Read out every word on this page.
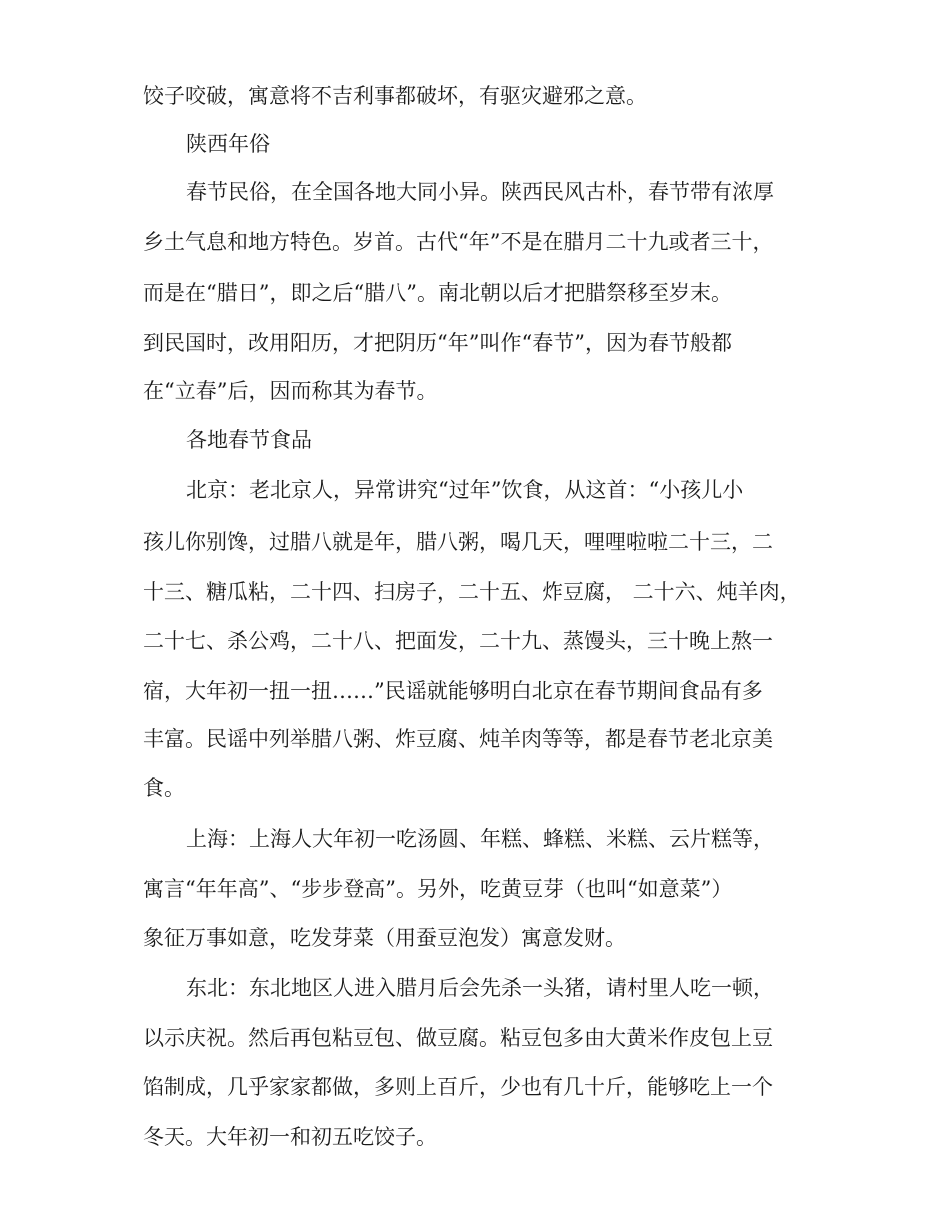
饺子咬破，寓意将不吉利事都破坏，有驱灾避邪之意。
陕西年俗
春节民俗，在全国各地大同小异。陕西民风古朴，春节带有浓厚
乡土气息和地方特色。岁首。古代“年”不是在腊月二十九或者三十，
而是在“腊日”，即之后“腊八”。南北朝以后才把腊祭移至岁末。
到民国时，改用阳历，才把阴历“年”叫作“春节”，因为春节般都
在“立春”后，因而称其为春节。
各地春节食品
北京：老北京人，异常讲究“过年”饮食，从这首：“小孩儿小
孩儿你别馋，过腊八就是年，腊八粥，喝几天，哩哩啦啦二十三，二
十三、糖瓜粘，二十四、扫房子，二十五、炸豆腐， 二十六、炖羊肉，
二十七、杀公鸡，二十八、把面发，二十九、蒸馒头，三十晚上熬一
宿，大年初一扭一扭……”民谣就能够明白北京在春节期间食品有多
丰富。民谣中列举腊八粥、炸豆腐、炖羊肉等等，都是春节老北京美
食。
上海：上海人大年初一吃汤圆、年糕、蜂糕、米糕、云片糕等，
寓言“年年高”、“步步登高”。另外，吃黄豆芽（也叫“如意菜”）
象征万事如意，吃发芽菜（用蚕豆泡发）寓意发财。
东北：东北地区人进入腊月后会先杀一头猪，请村里人吃一顿，
以示庆祝。然后再包粘豆包、做豆腐。粘豆包多由大黄米作皮包上豆
馅制成，几乎家家都做，多则上百斤，少也有几十斤，能够吃上一个
冬天。大年初一和初五吃饺子。
